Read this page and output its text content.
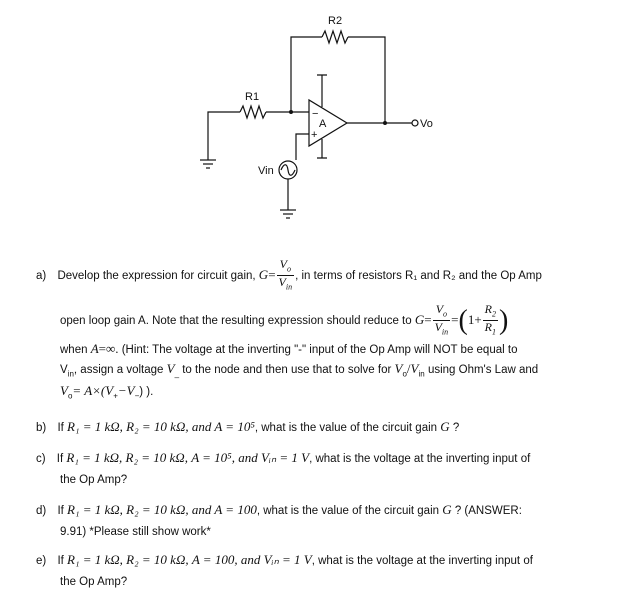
R2
R1
A
−
+
Vo
Vin
a) Develop the expression for circuit gain, $G= \frac{V_o}{V_{in}}$ , in terms of resistors R₁ and R₂ and the Op Amp
open loop gain A. Note that the resulting expression should reduce to $G= \frac{V_o}{V_{in}} =(1+ \frac{R_2}{R_1}$ )
when A=∞. (Hint: The voltage at the inverting "-" input of the Op Amp will NOT be equal to
$V_{in}$, assign a voltage $V_{\_}$ to the node and then use that to solve for $V_o/V_{in}$ using Ohm's Law and
$V_o= A\times(V_+-V_-)$ ).
b) If R₁ = 1 kΩ, R₂ = 10 kΩ, and A = 10⁵, what is the value of the circuit gain G ?
c) If R₁ = 1 kΩ, R₂ = 10 kΩ, A = 10⁵, and Vᵢₙ = 1 V, what is the voltage at the inverting input of
the Op Amp?
d) If R₁ = 1 kΩ, R₂ = 10 kΩ, and A = 100, what is the value of the circuit gain G ? (ANSWER:
9.91) *Please still show work*
e) If R₁ = 1 kΩ, R₂ = 10 kΩ, A = 100, and Vᵢₙ = 1 V, what is the voltage at the inverting input of
the Op Amp?
